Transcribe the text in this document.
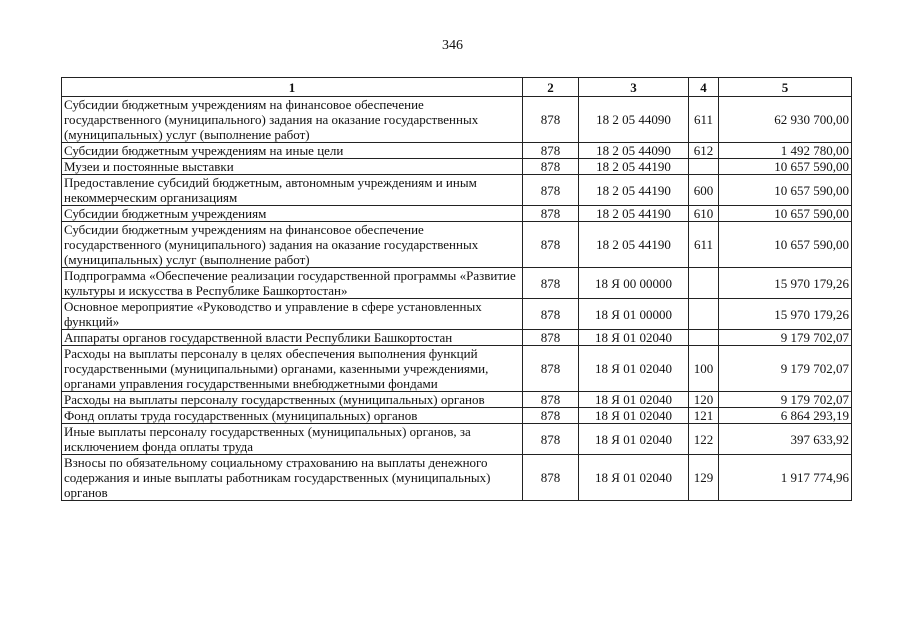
346
1	2	3	4	5
Субсидии бюджетным учреждениям на финансовое обеспечение государственного (муниципального) задания на оказание государственных (муниципальных) услуг (выполнение работ)	878	18 2 05 44090	611	62 930 700,00
Субсидии бюджетным учреждениям на иные цели	878	18 2 05 44090	612	1 492 780,00
Музеи и постоянные выставки	878	18 2 05 44190		10 657 590,00
Предоставление субсидий бюджетным, автономным учреждениям и иным некоммерческим организациям	878	18 2 05 44190	600	10 657 590,00
Субсидии бюджетным учреждениям	878	18 2 05 44190	610	10 657 590,00
Субсидии бюджетным учреждениям на финансовое обеспечение государственного (муниципального) задания на оказание государственных (муниципальных) услуг (выполнение работ)	878	18 2 05 44190	611	10 657 590,00
Подпрограмма «Обеспечение реализации государственной программы «Развитие культуры и искусства в Республике Башкортостан»	878	18 Я 00 00000		15 970 179,26
Основное мероприятие «Руководство и управление в сфере установленных функций»	878	18 Я 01 00000		15 970 179,26
Аппараты органов государственной власти Республики Башкортостан	878	18 Я 01 02040		9 179 702,07
Расходы на выплаты персоналу в целях обеспечения выполнения функций государственными (муниципальными) органами, казенными учреждениями, органами управления государственными внебюджетными фондами	878	18 Я 01 02040	100	9 179 702,07
Расходы на выплаты персоналу государственных (муниципальных) органов	878	18 Я 01 02040	120	9 179 702,07
Фонд оплаты труда государственных (муниципальных) органов	878	18 Я 01 02040	121	6 864 293,19
Иные выплаты персоналу государственных (муниципальных) органов, за исключением фонда оплаты труда	878	18 Я 01 02040	122	397 633,92
Взносы по обязательному социальному страхованию на выплаты денежного содержания и иные выплаты работникам государственных (муниципальных) органов	878	18 Я 01 02040	129	1 917 774,96
